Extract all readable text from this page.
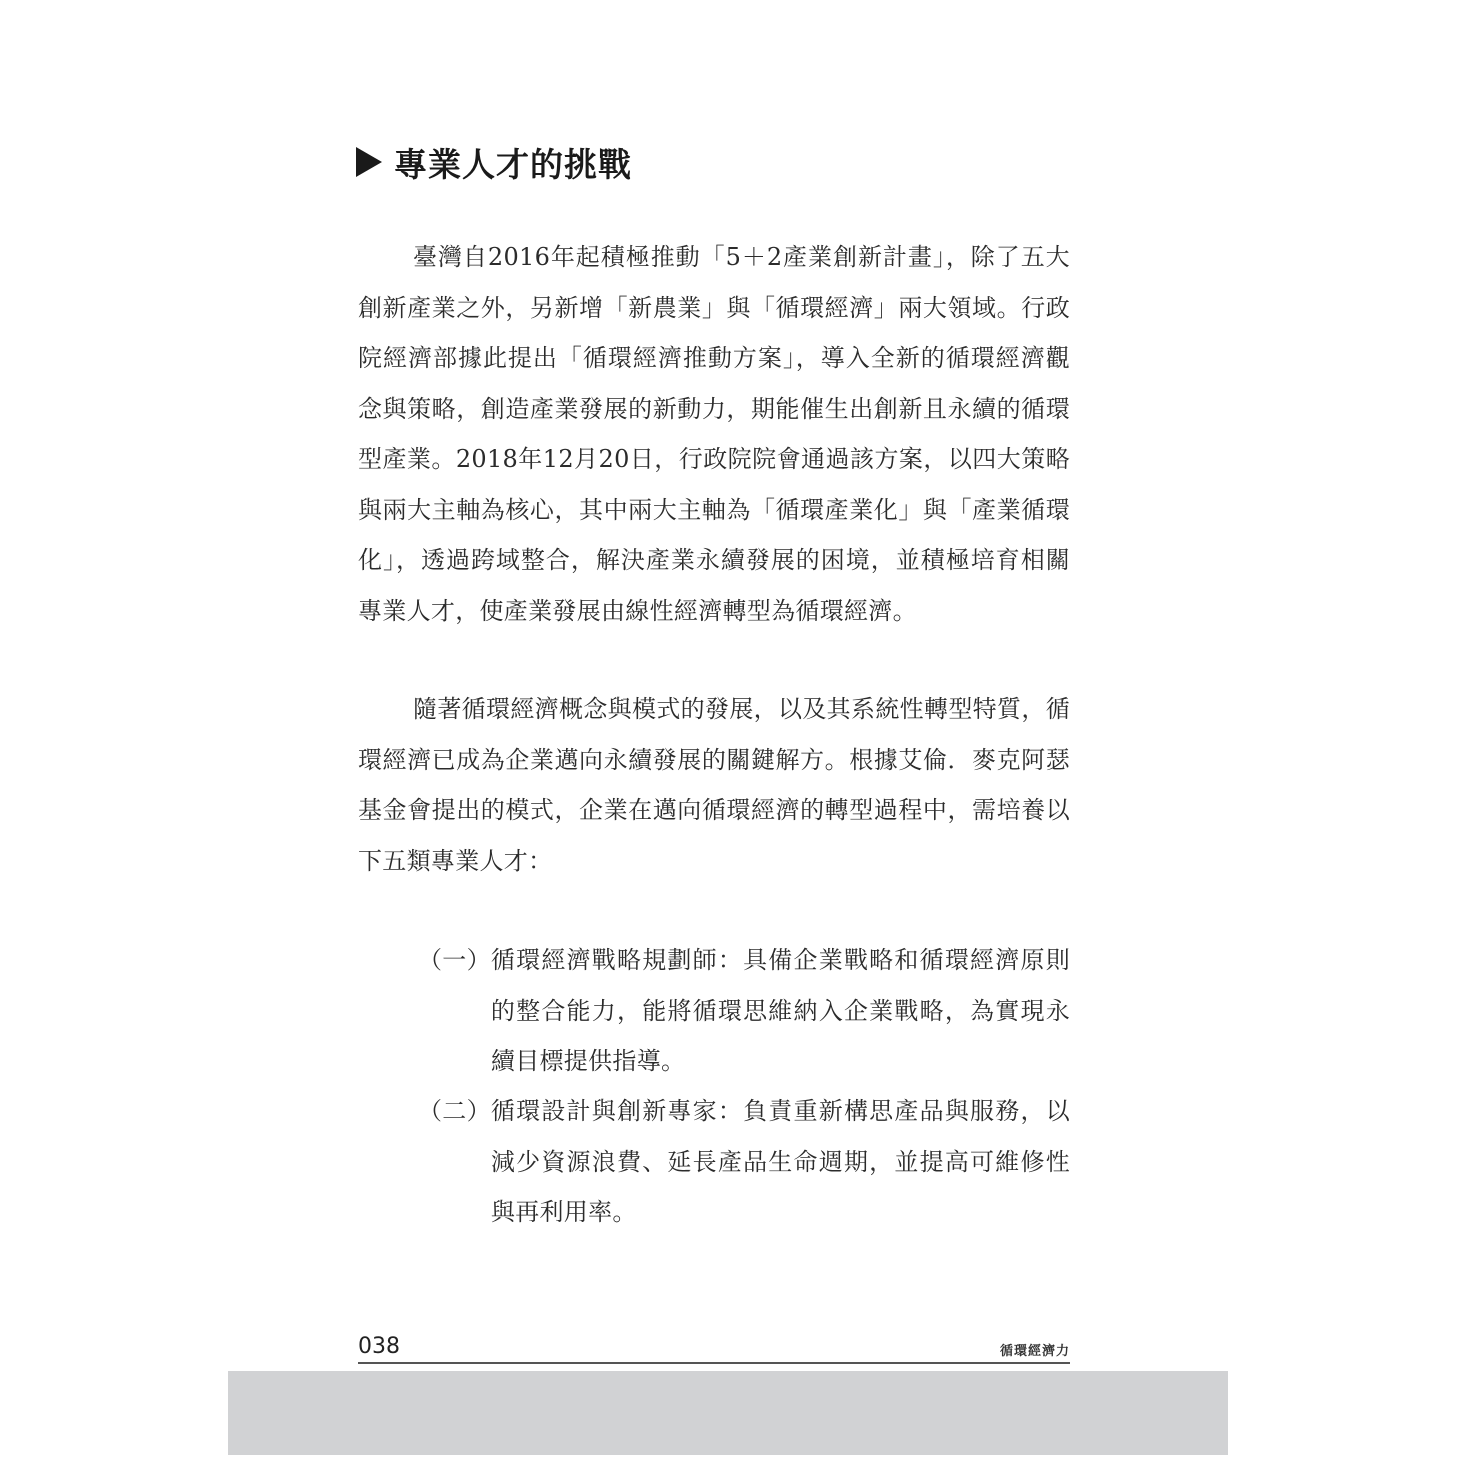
專業人才的挑戰

臺灣自2016年起積極推動「5＋2產業創新計畫」，除了五大創新產業之外，另新增「新農業」與「循環經濟」兩大領域。行政院經濟部據此提出「循環經濟推動方案」，導入全新的循環經濟觀念與策略，創造產業發展的新動力，期能催生出創新且永續的循環型產業。2018年12月20日，行政院院會通過該方案，以四大策略與兩大主軸為核心，其中兩大主軸為「循環產業化」與「產業循環化」，透過跨域整合，解決產業永續發展的困境，並積極培育相關專業人才，使產業發展由線性經濟轉型為循環經濟。

隨著循環經濟概念與模式的發展，以及其系統性轉型特質，循環經濟已成為企業邁向永續發展的關鍵解方。根據艾倫．麥克阿瑟基金會提出的模式，企業在邁向循環經濟的轉型過程中，需培養以下五類專業人才：

（一） 循環經濟戰略規劃師：具備企業戰略和循環經濟原則的整合能力，能將循環思維納入企業戰略，為實現永續目標提供指導。
（二） 循環設計與創新專家：負責重新構思產品與服務，以減少資源浪費、延長產品生命週期，並提高可維修性與再利用率。
038	循環經濟力
